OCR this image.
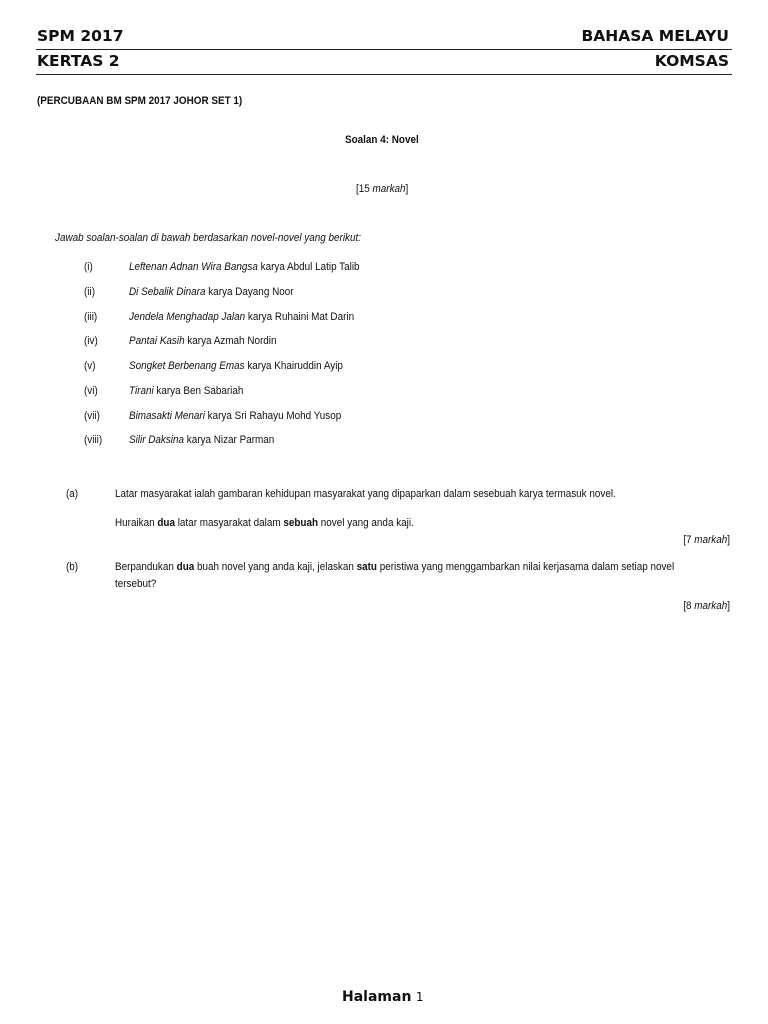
SPM 2017	BAHASA MELAYU
KERTAS 2	KOMSAS
(PERCUBAAN BM SPM 2017 JOHOR SET 1)
Soalan 4: Novel
[15 markah]
Jawab soalan-soalan di bawah berdasarkan novel-novel yang berikut:
(i)	Leftenan Adnan Wira Bangsa karya Abdul Latip Talib
(ii)	Di Sebalik Dinara karya Dayang Noor
(iii)	Jendela Menghadap Jalan karya Ruhaini Mat Darin
(iv)	Pantai Kasih karya Azmah Nordin
(v)	Songket Berbenang Emas karya Khairuddin Ayip
(vi)	Tirani karya Ben Sabariah
(vii)	Bimasakti Menari karya Sri Rahayu Mohd Yusop
(viii) Silir Daksina karya Nizar Parman
(a)	Latar masyarakat ialah gambaran kehidupan masyarakat yang dipaparkan dalam sesebuah karya termasuk novel.
Huraikan dua latar masyarakat dalam sebuah novel yang anda kaji.
[7 markah]
(b)	Berpandukan dua buah novel yang anda kaji, jelaskan satu peristiwa yang menggambarkan nilai kerjasama dalam setiap novel
tersebut?
[8 markah]
Halaman 1
